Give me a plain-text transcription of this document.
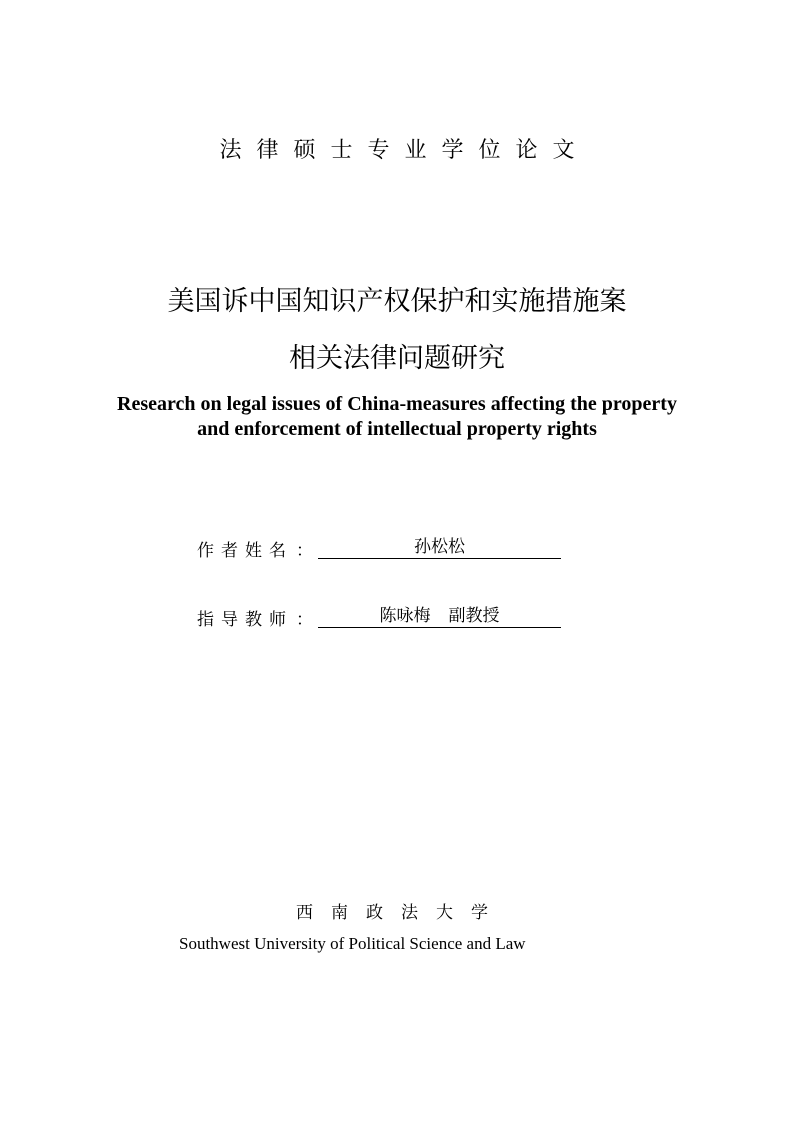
法律硕士专业学位论文
美国诉中国知识产权保护和实施措施案
相关法律问题研究
Research on legal issues of China-measures affecting the property
and enforcement of intellectual property rights
作者姓名 ：	孙松松
指导教师 ：	陈咏梅 副教授
西南政法大学
Southwest University of Political Science and Law
